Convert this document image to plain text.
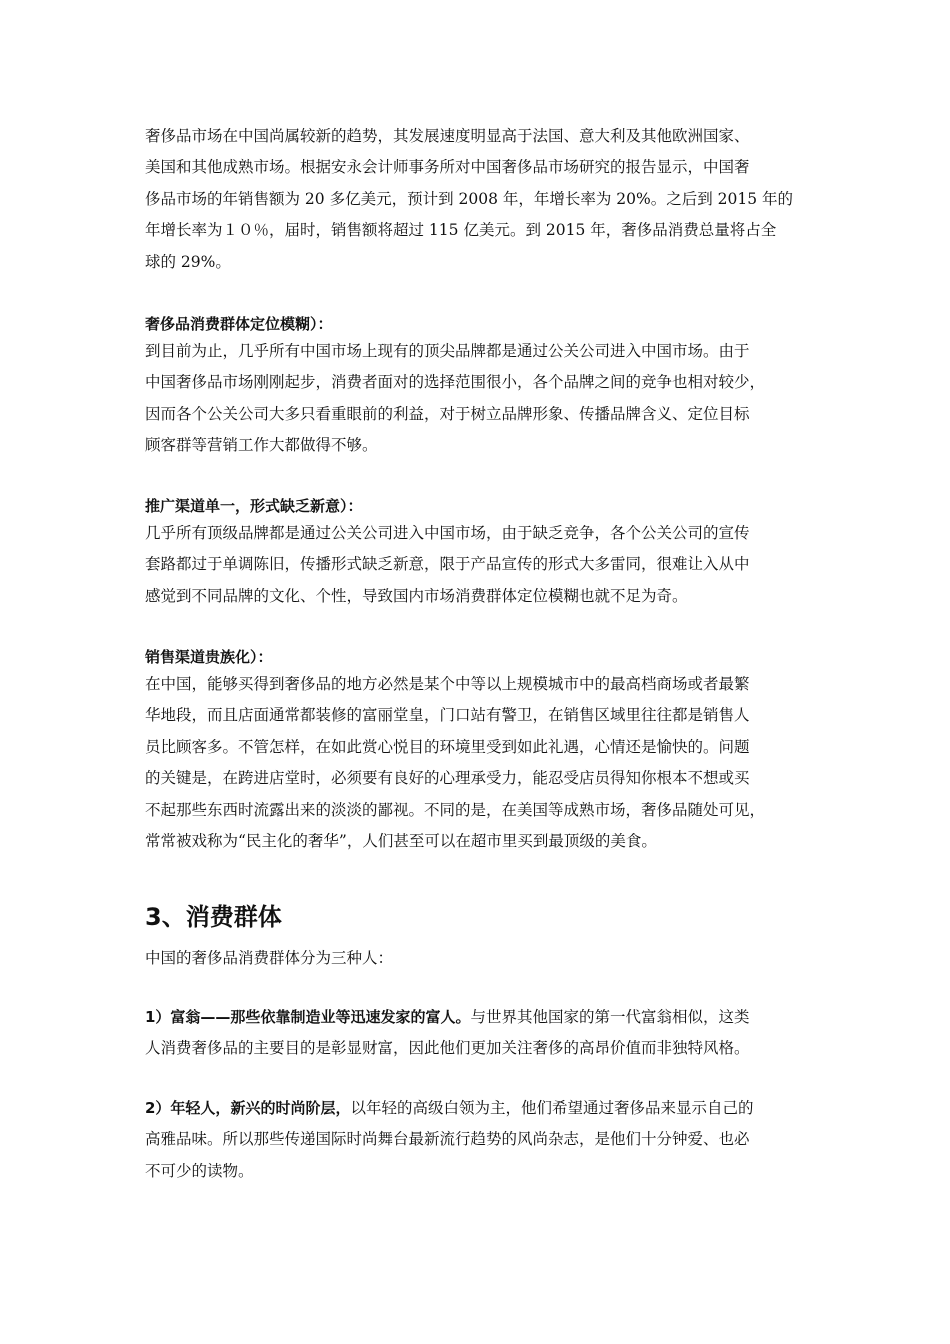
奢侈品市场在中国尚属较新的趋势，其发展速度明显高于法国、意大利及其他欧洲国家、
美国和其他成熟市场。根据安永会计师事务所对中国奢侈品市场研究的报告显示，中国奢
侈品市场的年销售额为 20 多亿美元，预计到 2008 年，年增长率为 20%。之后到 2015 年的
年增长率为１０％，届时，销售额将超过 115 亿美元。到 2015 年，奢侈品消费总量将占全
球的 29%。
奢侈品消费群体定位模糊）：
到目前为止，几乎所有中国市场上现有的顶尖品牌都是通过公关公司进入中国市场。由于
中国奢侈品市场刚刚起步，消费者面对的选择范围很小，各个品牌之间的竞争也相对较少，
因而各个公关公司大多只看重眼前的利益，对于树立品牌形象、传播品牌含义、定位目标
顾客群等营销工作大都做得不够。
推广渠道单一，形式缺乏新意）：
几乎所有顶级品牌都是通过公关公司进入中国市场，由于缺乏竞争，各个公关公司的宣传
套路都过于单调陈旧，传播形式缺乏新意，限于产品宣传的形式大多雷同，很难让入从中
感觉到不同品牌的文化、个性，导致国内市场消费群体定位模糊也就不足为奇。
销售渠道贵族化）：
在中国，能够买得到奢侈品的地方必然是某个中等以上规模城市中的最高档商场或者最繁
华地段，而且店面通常都装修的富丽堂皇，门口站有警卫，在销售区域里往往都是销售人
员比顾客多。不管怎样，在如此赏心悦目的环境里受到如此礼遇，心情还是愉快的。问题
的关键是，在跨进店堂时，必须要有良好的心理承受力，能忍受店员得知你根本不想或买
不起那些东西时流露出来的淡淡的鄙视。不同的是，在美国等成熟市场，奢侈品随处可见，
常常被戏称为“民主化的奢华”，人们甚至可以在超市里买到最顶级的美食。
3、消费群体
中国的奢侈品消费群体分为三种人：
1）富翁——那些依靠制造业等迅速发家的富人。与世界其他国家的第一代富翁相似，这类
人消费奢侈品的主要目的是彰显财富，因此他们更加关注奢侈的高昂价值而非独特风格。
2）年轻人，新兴的时尚阶层，以年轻的高级白领为主，他们希望通过奢侈品来显示自己的
高雅品味。所以那些传递国际时尚舞台最新流行趋势的风尚杂志，是他们十分钟爱、也必
不可少的读物。
